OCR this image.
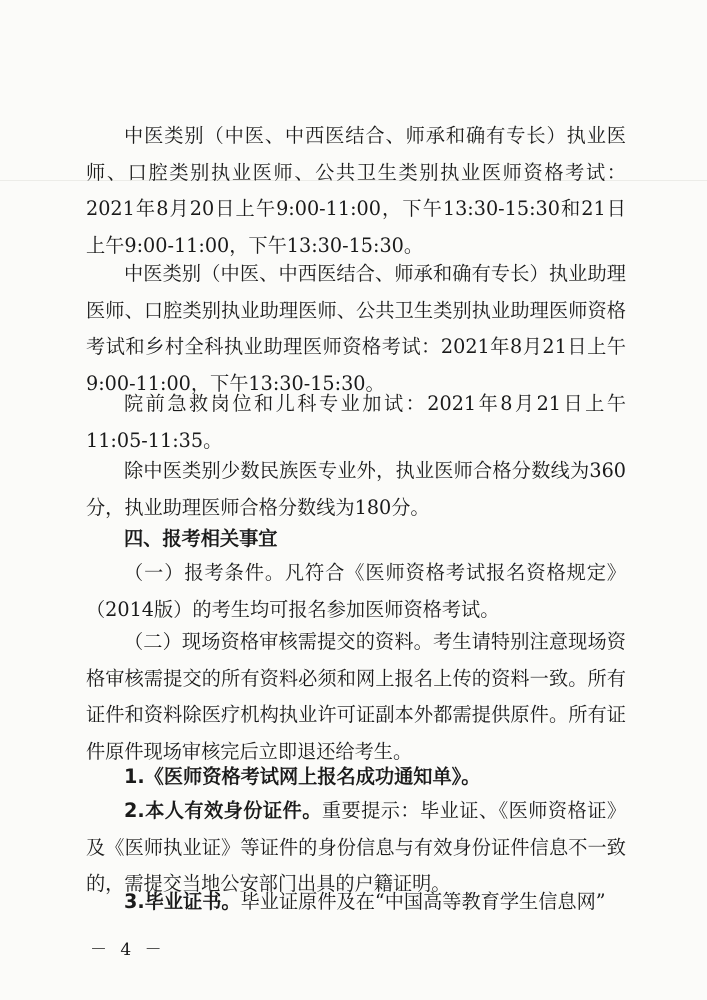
中医类别（中医、中西医结合、师承和确有专长）执业医师、口腔类别执业医师、公共卫生类别执业医师资格考试：2021年8月20日上午9:00-11:00，下午13:30-15:30和21日上午9:00-11:00，下午13:30-15:30。

中医类别（中医、中西医结合、师承和确有专长）执业助理医师、口腔类别执业助理医师、公共卫生类别执业助理医师资格考试和乡村全科执业助理医师资格考试：2021年8月21日上午9:00-11:00，下午13:30-15:30。

院前急救岗位和儿科专业加试：2021年8月21日上午11:05-11:35。

除中医类别少数民族医专业外，执业医师合格分数线为360分，执业助理医师合格分数线为180分。

四、报考相关事宜

（一）报考条件。凡符合《医师资格考试报名资格规定》（2014版）的考生均可报名参加医师资格考试。

（二）现场资格审核需提交的资料。考生请特别注意现场资格审核需提交的所有资料必须和网上报名上传的资料一致。所有证件和资料除医疗机构执业许可证副本外都需提供原件。所有证件原件现场审核完后立即退还给考生。

1.《医师资格考试网上报名成功通知单》。

2.本人有效身份证件。重要提示：毕业证、《医师资格证》及《医师执业证》等证件的身份信息与有效身份证件信息不一致的，需提交当地公安部门出具的户籍证明。

3.毕业证书。毕业证原件及在“中国高等教育学生信息网”

－ 4 －
